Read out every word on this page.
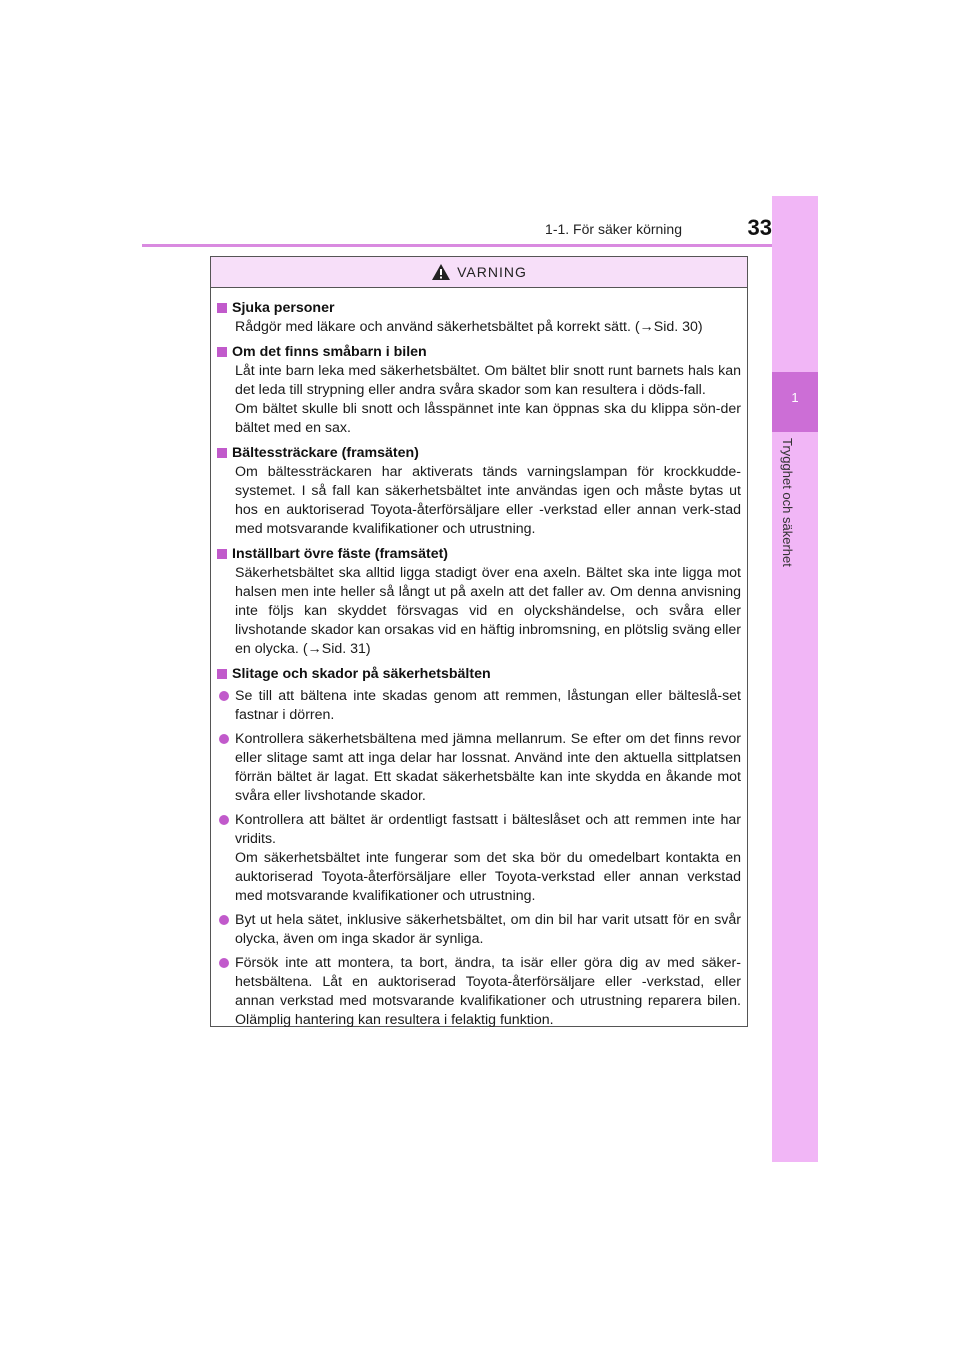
1-1. För säker körning	33
1
Trygghet och säkerhet
VARNING
Sjuka personer
Rådgör med läkare och använd säkerhetsbältet på korrekt sätt. (→Sid. 30)
Om det finns småbarn i bilen
Låt inte barn leka med säkerhetsbältet. Om bältet blir snott runt barnets hals kan det leda till strypning eller andra svåra skador som kan resultera i döds-fall.
Om bältet skulle bli snott och låsspännet inte kan öppnas ska du klippa sön-der bältet med en sax.
Bältessträckare (framsäten)
Om bältessträckaren har aktiverats tänds varningslampan för krockkudde-systemet. I så fall kan säkerhetsbältet inte användas igen och måste bytas ut hos en auktoriserad Toyota-återförsäljare eller -verkstad eller annan verk-stad med motsvarande kvalifikationer och utrustning.
Inställbart övre fäste (framsätet)
Säkerhetsbältet ska alltid ligga stadigt över ena axeln. Bältet ska inte ligga mot halsen men inte heller så långt ut på axeln att det faller av. Om denna anvisning inte följs kan skyddet försvagas vid en olyckshändelse, och svåra eller livshotande skador kan orsakas vid en häftig inbromsning, en plötslig sväng eller en olycka. (→Sid. 31)
Slitage och skador på säkerhetsbälten
Se till att bältena inte skadas genom att remmen, låstungan eller bälteslå-set fastnar i dörren.
Kontrollera säkerhetsbältena med jämna mellanrum. Se efter om det finns revor eller slitage samt att inga delar har lossnat. Använd inte den aktuella sittplatsen förrän bältet är lagat. Ett skadat säkerhetsbälte kan inte skydda en åkande mot svåra eller livshotande skador.
Kontrollera att bältet är ordentligt fastsatt i bälteslåset och att remmen inte har vridits.
Om säkerhetsbältet inte fungerar som det ska bör du omedelbart kontakta en auktoriserad Toyota-återförsäljare eller Toyota-verkstad eller annan verkstad med motsvarande kvalifikationer och utrustning.
Byt ut hela sätet, inklusive säkerhetsbältet, om din bil har varit utsatt för en svår olycka, även om inga skador är synliga.
Försök inte att montera, ta bort, ändra, ta isär eller göra dig av med säker-hetsbältena. Låt en auktoriserad Toyota-återförsäljare eller -verkstad, eller annan verkstad med motsvarande kvalifikationer och utrustning reparera bilen. Olämplig hantering kan resultera i felaktig funktion.
